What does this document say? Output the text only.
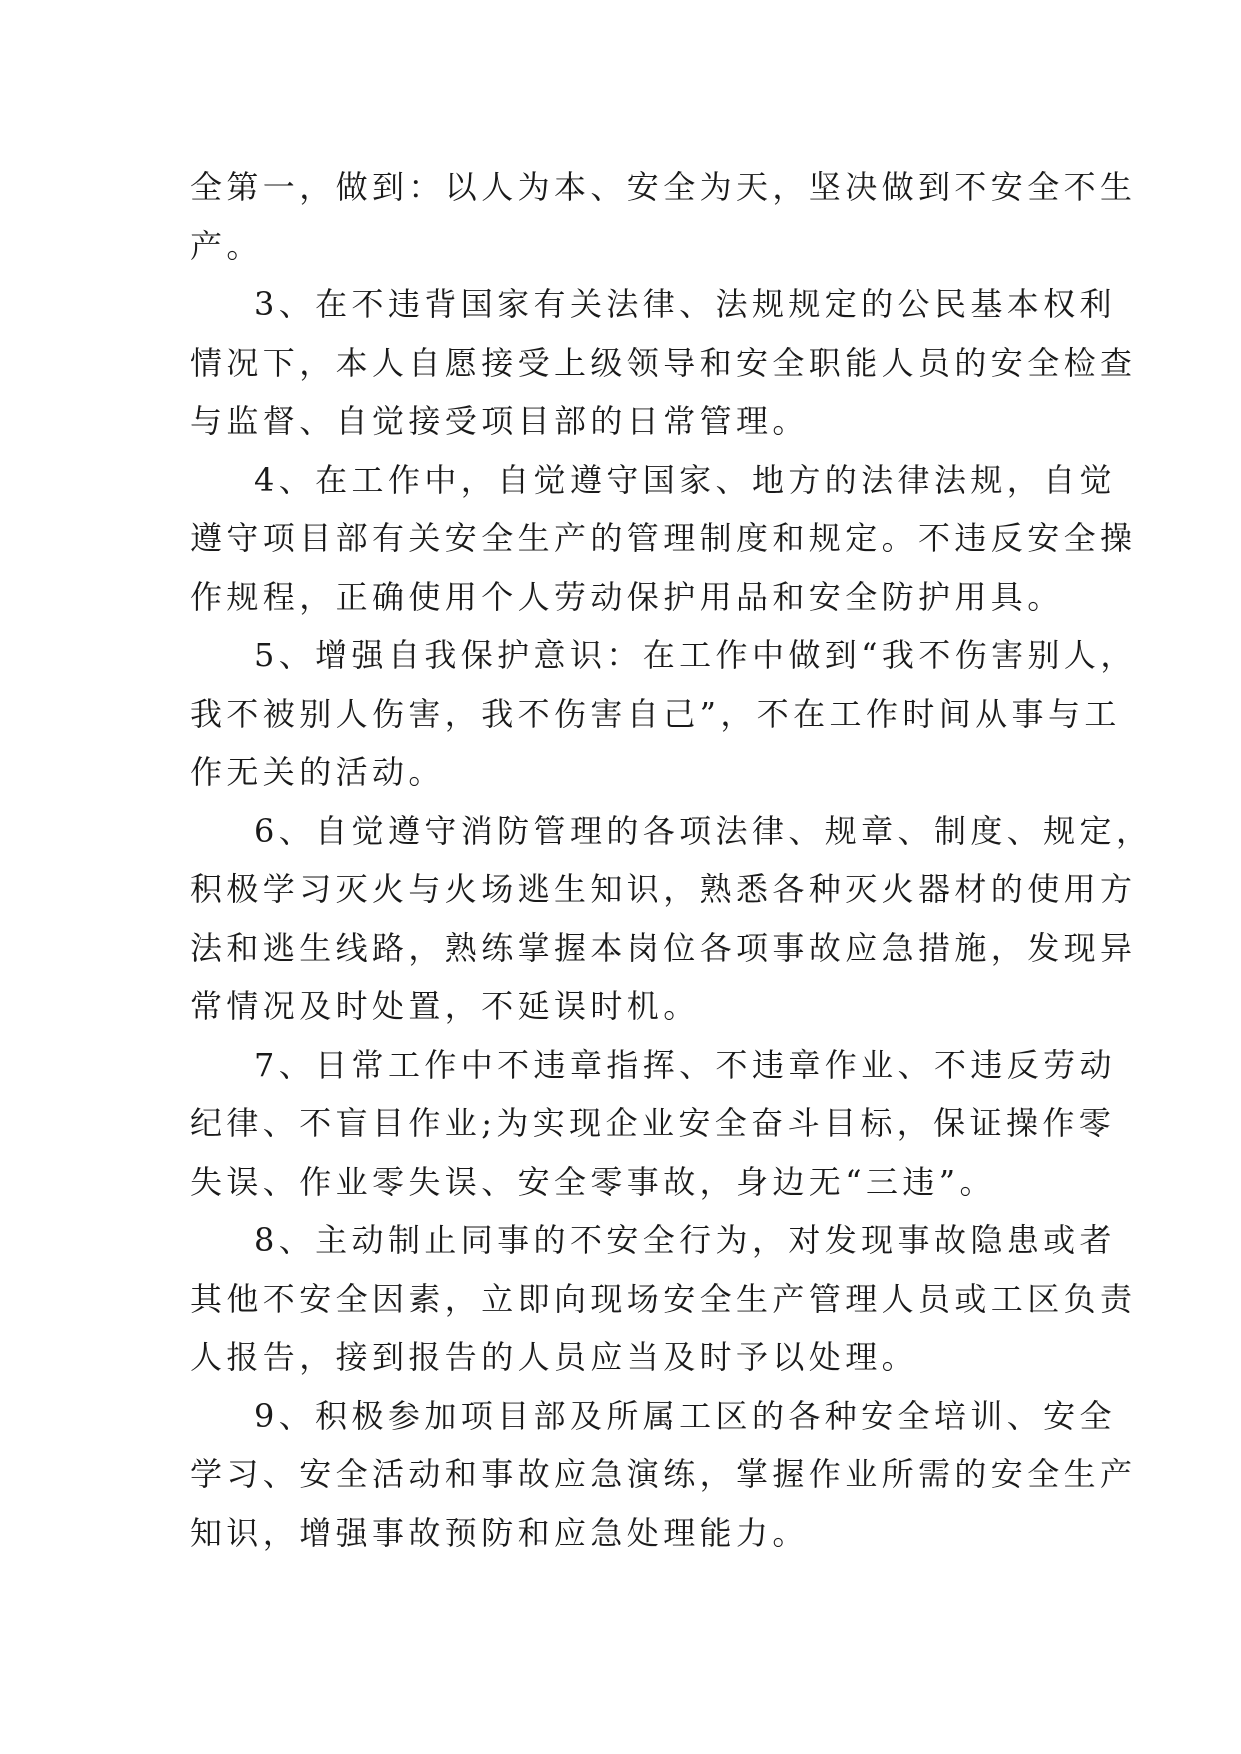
全第一，做到：以人为本、安全为天，坚决做到不安全不生
产。
3、在不违背国家有关法律、法规规定的公民基本权利
情况下，本人自愿接受上级领导和安全职能人员的安全检查
与监督、自觉接受项目部的日常管理。
4、在工作中，自觉遵守国家、地方的法律法规，自觉
遵守项目部有关安全生产的管理制度和规定。不违反安全操
作规程，正确使用个人劳动保护用品和安全防护用具。
5、增强自我保护意识：在工作中做到“我不伤害别人，
我不被别人伤害，我不伤害自己”，不在工作时间从事与工
作无关的活动。
6、自觉遵守消防管理的各项法律、规章、制度、规定，
积极学习灭火与火场逃生知识，熟悉各种灭火器材的使用方
法和逃生线路，熟练掌握本岗位各项事故应急措施，发现异
常情况及时处置，不延误时机。
7、日常工作中不违章指挥、不违章作业、不违反劳动
纪律、不盲目作业;为实现企业安全奋斗目标，保证操作零
失误、作业零失误、安全零事故，身边无“三违”。
8、主动制止同事的不安全行为，对发现事故隐患或者
其他不安全因素，立即向现场安全生产管理人员或工区负责
人报告，接到报告的人员应当及时予以处理。
9、积极参加项目部及所属工区的各种安全培训、安全
学习、安全活动和事故应急演练，掌握作业所需的安全生产
知识，增强事故预防和应急处理能力。
